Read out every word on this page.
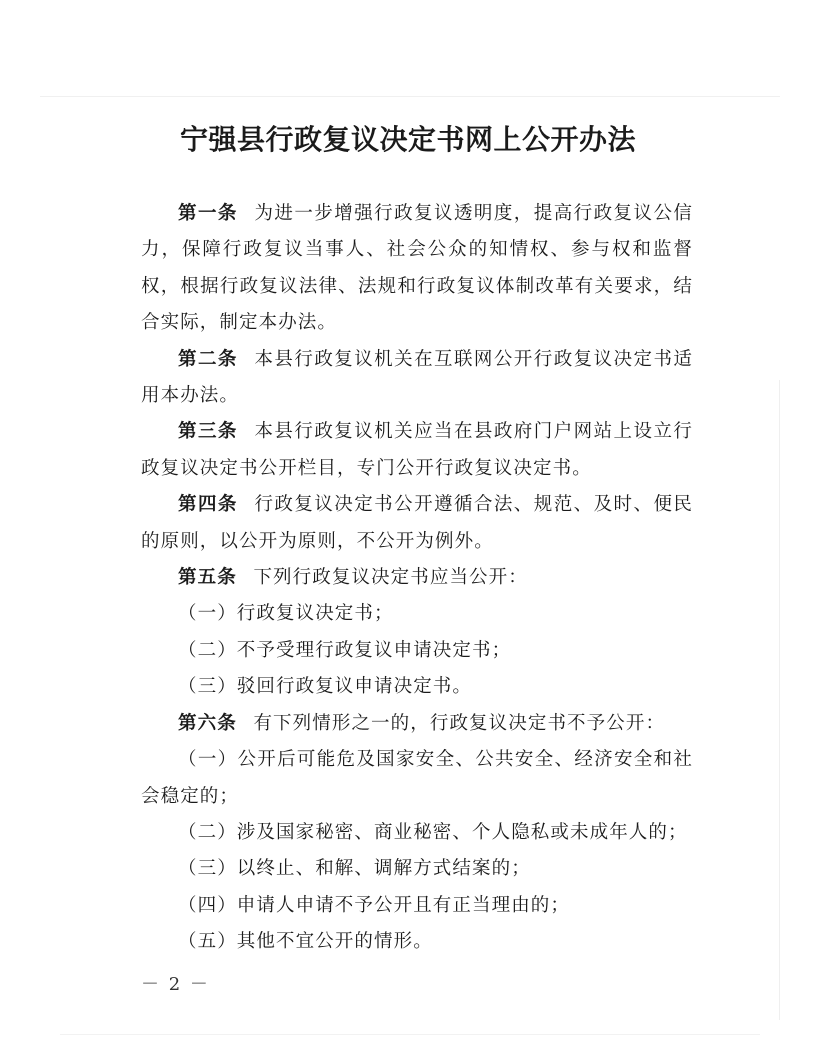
宁强县行政复议决定书网上公开办法

第一条 为进一步增强行政复议透明度，提高行政复议公信力，保障行政复议当事人、社会公众的知情权、参与权和监督权，根据行政复议法律、法规和行政复议体制改革有关要求，结合实际，制定本办法。

第二条 本县行政复议机关在互联网公开行政复议决定书适用本办法。

第三条 本县行政复议机关应当在县政府门户网站上设立行政复议决定书公开栏目，专门公开行政复议决定书。

第四条 行政复议决定书公开遵循合法、规范、及时、便民的原则，以公开为原则，不公开为例外。

第五条 下列行政复议决定书应当公开：

（一）行政复议决定书；

（二）不予受理行政复议申请决定书；

（三）驳回行政复议申请决定书。

第六条 有下列情形之一的，行政复议决定书不予公开：

（一）公开后可能危及国家安全、公共安全、经济安全和社会稳定的；

（二）涉及国家秘密、商业秘密、个人隐私或未成年人的；

（三）以终止、和解、调解方式结案的；

（四）申请人申请不予公开且有正当理由的；

（五）其他不宜公开的情形。

－ 2 －
